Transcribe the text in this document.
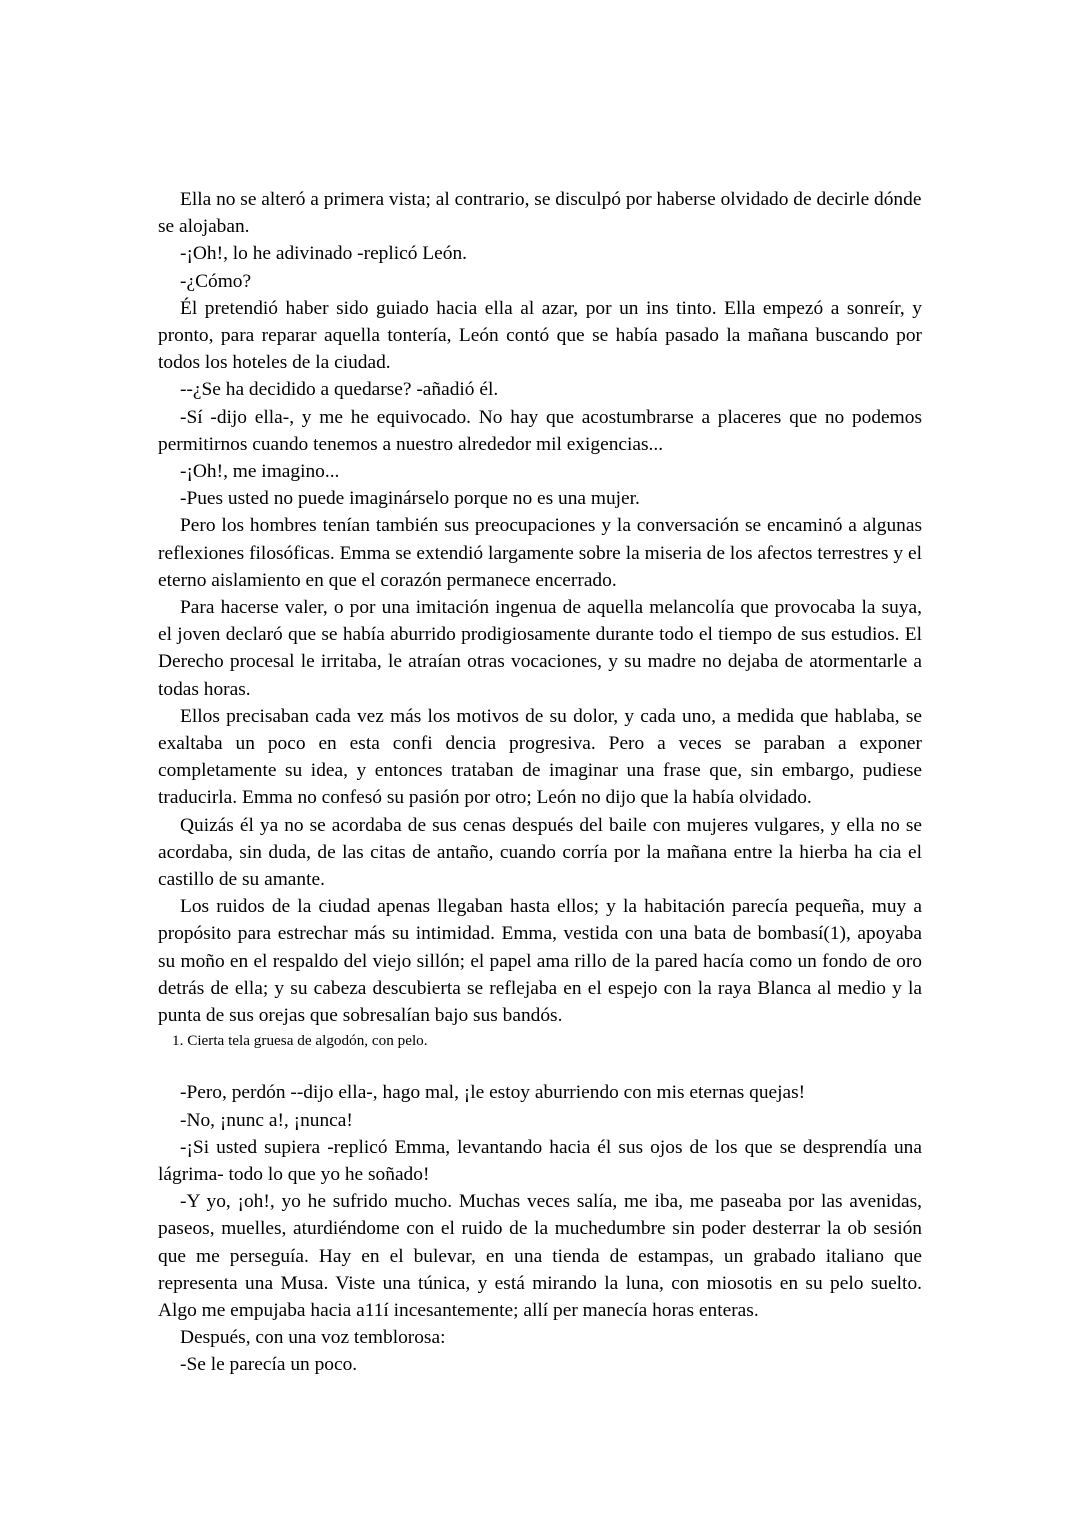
Ella no se alteró a primera vista; al contrario, se disculpó por haberse olvidado de decirle dónde se alojaban.

-¡Oh!, lo he adivinado -replicó León.

-¿Cómo?

Él pretendió haber sido guiado hacia ella al azar, por un ins tinto. Ella empezó a sonreír, y pronto, para reparar aquella tontería, León contó que se había pasado la mañana buscando por todos los hoteles de la ciudad.

--¿Se ha decidido a quedarse? -añadió él.

-Sí -dijo ella-, y me he equivocado. No hay que acostumbrarse a placeres que no podemos permitirnos cuando tenemos a nuestro alrededor mil exigencias...

-¡Oh!, me imagino...

-Pues usted no puede imaginárselo porque no es una mujer.

Pero los hombres tenían también sus preocupaciones y la conversación se encaminó a algunas reflexiones filosóficas. Emma se extendió largamente sobre la miseria de los afectos terrestres y el eterno aislamiento en que el corazón permanece encerrado.

Para hacerse valer, o por una imitación ingenua de aquella melancolía que provocaba la suya, el joven declaró que se había aburrido prodigiosamente durante todo el tiempo de sus estudios. El Derecho procesal le irritaba, le atraían otras vocaciones, y su madre no dejaba de atormentarle a todas horas.

Ellos precisaban cada vez más los motivos de su dolor, y cada uno, a medida que hablaba, se exaltaba un poco en esta confi dencia progresiva. Pero a veces se paraban a exponer completamente su idea, y entonces trataban de imaginar una frase que, sin embargo, pudiese traducirla. Emma no confesó su pasión por otro; León no dijo que la había olvidado.

Quizás él ya no se acordaba de sus cenas después del baile con mujeres vulgares, y ella no se acordaba, sin duda, de las citas de antaño, cuando corría por la mañana entre la hierba ha cia el castillo de su amante.

Los ruidos de la ciudad apenas llegaban hasta ellos; y la habitación parecía pequeña, muy a propósito para estrechar más su intimidad. Emma, vestida con una bata de bombasí(1), apoyaba su moño en el respaldo del viejo sillón; el papel ama rillo de la pared hacía como un fondo de oro detrás de ella; y su cabeza descubierta se reflejaba en el espejo con la raya Blanca al medio y la punta de sus orejas que sobresalían bajo sus bandós.

1. Cierta tela gruesa de algodón, con pelo.

-Pero, perdón --dijo ella-, hago mal, ¡le estoy aburriendo con mis eternas quejas!

-No, ¡nunc a!, ¡nunca!

-¡Si usted supiera -replicó Emma, levantando hacia él sus ojos de los que se desprendía una lágrima- todo lo que yo he soñado!

-Y yo, ¡oh!, yo he sufrido mucho. Muchas veces salía, me iba, me paseaba por las avenidas, paseos, muelles, aturdiéndome con el ruido de la muchedumbre sin poder desterrar la ob sesión que me perseguía. Hay en el bulevar, en una tienda de estampas, un grabado italiano que representa una Musa. Viste una túnica, y está mirando la luna, con miosotis en su pelo suelto. Algo me empujaba hacia a11í incesantemente; allí per manecía horas enteras.

Después, con una voz temblorosa:

-Se le parecía un poco.
